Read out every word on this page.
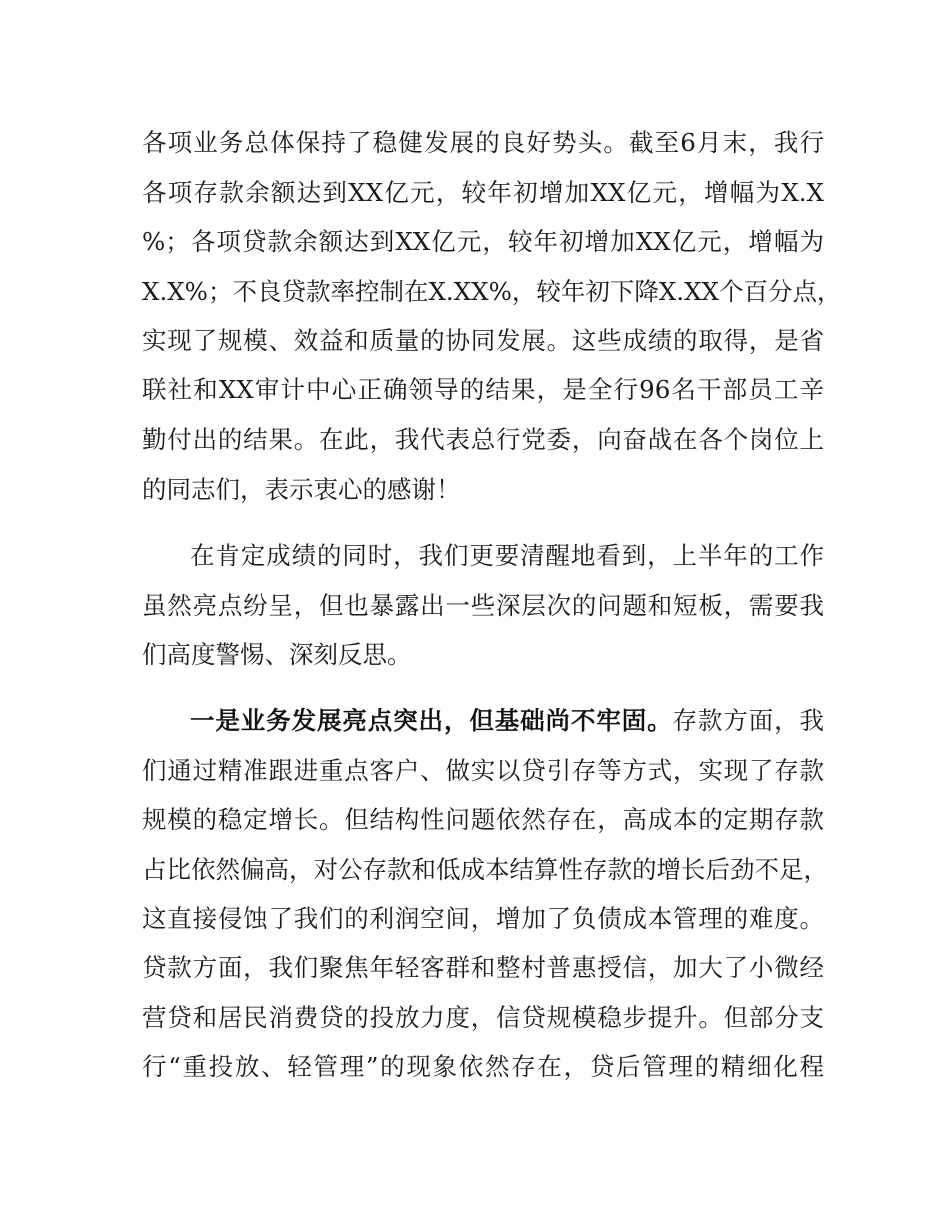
各项业务总体保持了稳健发展的良好势头。截至6月末，我行
各项存款余额达到XX亿元，较年初增加XX亿元，增幅为X.X
%；各项贷款余额达到XX亿元，较年初增加XX亿元，增幅为
X.X%；不良贷款率控制在X.XX%，较年初下降X.XX个百分点，
实现了规模、效益和质量的协同发展。这些成绩的取得，是省
联社和XX审计中心正确领导的结果，是全行96名干部员工辛
勤付出的结果。在此，我代表总行党委，向奋战在各个岗位上
的同志们，表示衷心的感谢！
在肯定成绩的同时，我们更要清醒地看到，上半年的工作
虽然亮点纷呈，但也暴露出一些深层次的问题和短板，需要我
们高度警惕、深刻反思。
一是业务发展亮点突出，但基础尚不牢固。存款方面，我
们通过精准跟进重点客户、做实以贷引存等方式，实现了存款
规模的稳定增长。但结构性问题依然存在，高成本的定期存款
占比依然偏高，对公存款和低成本结算性存款的增长后劲不足，
这直接侵蚀了我们的利润空间，增加了负债成本管理的难度。
贷款方面，我们聚焦年轻客群和整村普惠授信，加大了小微经
营贷和居民消费贷的投放力度，信贷规模稳步提升。但部分支
行“重投放、轻管理”的现象依然存在，贷后管理的精细化程
